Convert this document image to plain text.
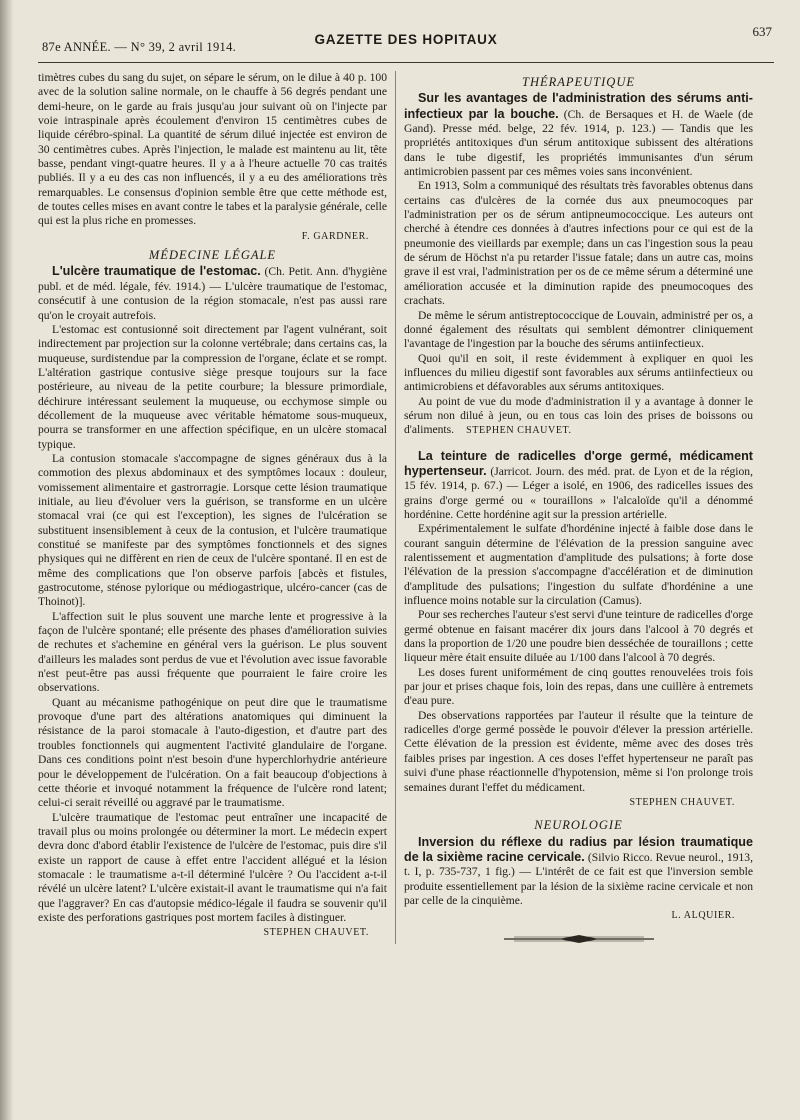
87e ANNÉE. — N° 39, 2 avril 1914.	GAZETTE DES HOPITAUX
637

timètres cubes du sang du sujet, on sépare le sérum, on le dilue à 40 p. 100 avec de la solution saline normale, on le chauffe à 56 degrés pendant une demi-heure, on le garde au frais jusqu'au jour suivant où on l'injecte par voie intraspinale après écoulement d'environ 15 centimètres cubes de liquide cérébro-spinal. La quantité de sérum dilué injectée est environ de 30 centimètres cubes. Après l'injection, le malade est maintenu au lit, tête basse, pendant vingt-quatre heures. Il y a à l'heure actuelle 70 cas traités publiés. Il y a eu des cas non influencés, il y a eu des améliorations très remarquables. Le consensus d'opinion semble être que cette méthode est, de toutes celles mises en avant contre le tabes et la paralysie générale, celle qui est la plus riche en promesses.

F. GARDNER.
MÉDECINE LÉGALE

L'ulcère traumatique de l'estomac. (Ch. Petit. Ann. d'hygiène publ. et de méd. légale, fév. 1914.) — L'ulcère traumatique de l'estomac, consécutif à une contusion de la région stomacale, n'est pas aussi rare qu'on le croyait autrefois.

L'estomac est contusionné soit directement par l'agent vulnérant, soit indirectement par projection sur la colonne vertébrale; dans certains cas, la muqueuse, surdistendue par la compression de l'organe, éclate et se rompt. L'altération gastrique contusive siège presque toujours sur la face postérieure, au niveau de la petite courbure; la blessure primordiale, déchirure intéressant seulement la muqueuse, ou ecchymose simple ou décollement de la muqueuse avec véritable hématome sous-muqueux, pourra se transformer en une affection spécifique, en un ulcère stomacal typique.

La contusion stomacale s'accompagne de signes généraux dus à la commotion des plexus abdominaux et des symptômes locaux : douleur, vomissement alimentaire et gastrorragie. Lorsque cette lésion traumatique initiale, au lieu d'évoluer vers la guérison, se transforme en un ulcère stomacal vrai (ce qui est l'exception), les signes de l'ulcération se substituent insensiblement à ceux de la contusion, et l'ulcère traumatique constitué se manifeste par des symptômes fonctionnels et des signes physiques qui ne diffèrent en rien de ceux de l'ulcère spontané. Il en est de même des complications que l'on observe parfois [abcès et fistules, gastrocutome, sténose pylorique ou médiogastrique, ulcéro-cancer (cas de Thoinot)].

L'affection suit le plus souvent une marche lente et progressive à la façon de l'ulcère spontané; elle présente des phases d'amélioration suivies de rechutes et s'achemine en général vers la guérison. Le plus souvent d'ailleurs les malades sont perdus de vue et l'évolution avec issue favorable n'est peut-être pas aussi fréquente que pourraient le faire croire les observations.

Quant au mécanisme pathogénique on peut dire que le traumatisme provoque d'une part des altérations anatomiques qui diminuent la résistance de la paroi stomacale à l'auto-digestion, et d'autre part des troubles fonctionnels qui augmentent l'activité glandulaire de l'organe. Dans ces conditions point n'est besoin d'une hyperchlorhydrie antérieure pour le développement de l'ulcération. On a fait beaucoup d'objections à cette théorie et invoqué notamment la fréquence de l'ulcère rond latent; celui-ci serait réveillé ou aggravé par le traumatisme.

L'ulcère traumatique de l'estomac peut entraîner une incapacité de travail plus ou moins prolongée ou déterminer la mort. Le médecin expert devra donc d'abord établir l'existence de l'ulcère de l'estomac, puis dire s'il existe un rapport de cause à effet entre l'accident allégué et la lésion stomacale : le traumatisme a-t-il déterminé l'ulcère ? Ou l'accident a-t-il révélé un ulcère latent? L'ulcère existait-il avant le traumatisme qui n'a fait que l'aggraver? En cas d'autopsie médico-légale il faudra se souvenir qu'il existe des perforations gastriques post mortem faciles à distinguer.

STEPHEN CHAUVET.
THÉRAPEUTIQUE

Sur les avantages de l'administration des sérums anti-infectieux par la bouche. (Ch. de Bersaques et H. de Waele (de Gand). Presse méd. belge, 22 fév. 1914, p. 123.) — Tandis que les propriétés antitoxiques d'un sérum antitoxique subissent des altérations dans le tube digestif, les propriétés immunisantes d'un sérum antimicrobien passent par ces mêmes voies sans inconvénient.

En 1913, Solm a communiqué des résultats très favorables obtenus dans certains cas d'ulcères de la cornée dus aux pneumocoques par l'administration per os de sérum antipneumococcique. Les auteurs ont cherché à étendre ces données à d'autres infections pour ce qui est de la pneumonie des vieillards par exemple; dans un cas l'ingestion sous la peau de sérum de Höchst n'a pu retarder l'issue fatale; dans un autre cas, moins grave il est vrai, l'administration per os de ce même sérum a déterminé une amélioration accusée et la diminution rapide des pneumocoques des crachats.

De même le sérum antistreptococcique de Louvain, administré per os, a donné également des résultats qui semblent démontrer cliniquement l'avantage de l'ingestion par la bouche des sérums antiinfectieux.

Quoi qu'il en soit, il reste évidemment à expliquer en quoi les influences du milieu digestif sont favorables aux sérums antiinfectieux ou antimicrobiens et défavorables aux sérums antitoxiques.

Au point de vue du mode d'administration il y a avantage à donner le sérum non dilué à jeun, ou en tous cas loin des prises de boissons ou d'aliments. STEPHEN CHAUVET.

La teinture de radicelles d'orge germé, médicament hypertenseur. (Jarricot. Journ. des méd. prat. de Lyon et de la région, 15 fév. 1914, p. 67.) — Léger a isolé, en 1906, des radicelles issues des grains d'orge germé ou « touraillons » l'alcaloïde qu'il a dénommé hordénine. Cette hordénine agit sur la pression artérielle.

Expérimentalement le sulfate d'hordénine injecté à faible dose dans le courant sanguin détermine de l'élévation de la pression sanguine avec ralentissement et augmentation d'amplitude des pulsations; à forte dose l'élévation de la pression s'accompagne d'accélération et de diminution d'amplitude des pulsations; l'ingestion du sulfate d'hordénine a une influence moins notable sur la circulation (Camus).

Pour ses recherches l'auteur s'est servi d'une teinture de radicelles d'orge germé obtenue en faisant macérer dix jours dans l'alcool à 70 degrés et dans la proportion de 1/20 une poudre bien desséchée de touraillons ; cette liqueur mère était ensuite diluée au 1/100 dans l'alcool à 70 degrés.

Les doses furent uniformément de cinq gouttes renouvelées trois fois par jour et prises chaque fois, loin des repas, dans une cuillère à entremets d'eau pure.

Des observations rapportées par l'auteur il résulte que la teinture de radicelles d'orge germé possède le pouvoir d'élever la pression artérielle. Cette élévation de la pression est évidente, même avec des doses très faibles prises par ingestion. A ces doses l'effet hypertenseur ne paraît pas suivi d'une phase réactionnelle d'hypotension, même si l'on prolonge trois semaines durant l'effet du médicament.

STEPHEN CHAUVET.
NEUROLOGIE

Inversion du réflexe du radius par lésion traumatique de la sixième racine cervicale. (Silvio Ricco. Revue neurol., 1913, t. I, p. 735-737, 1 fig.) — L'intérêt de ce fait est que l'inversion semble produite essentiellement par la lésion de la sixième racine cervicale et non par celle de la cinquième.

L. ALQUIER.
